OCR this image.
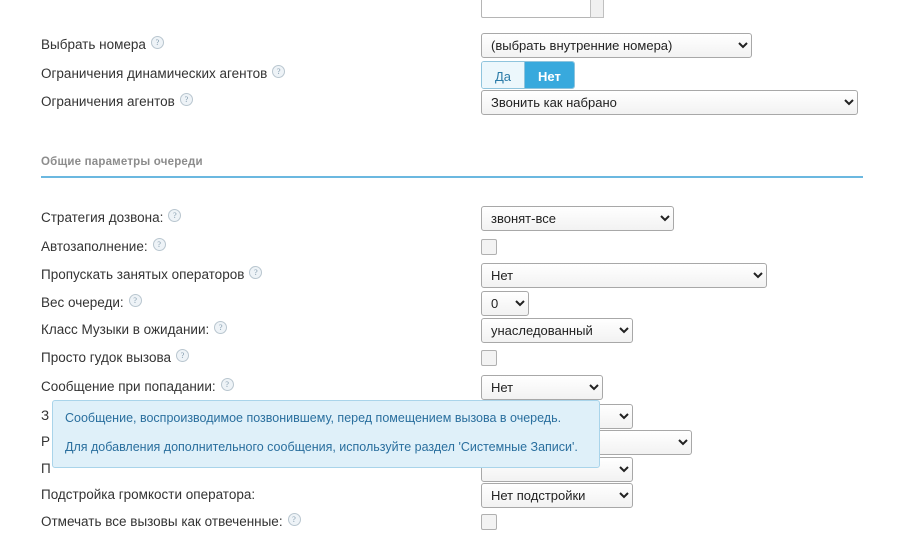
Выбрать номера ?
(выбрать внутренние номера)
Ограничения динамических агентов ?	Да	Нет
Ограничения агентов ?
Звонить как набрано
Общие параметры очереди
Стратегия дозвона: ?
звонят-все
Автозаполнение: ?
Пропускать занятых операторов ?
Нет
Вес очереди: ?
0
Класс Музыки в ожидании: ?
унаследованный
Просто гудок вызова ?
Сообщение при попадании: ?
Нет
З
Р
ждания
П
Подстройка громкости оператора:
Нет подстройки
Отмечать все вызовы как отвеченные: ?

Сообщение, воспроизводимое позвонившему, перед помещением вызова в очередь.

Для добавления дополнительного сообщения, используйте раздел 'Системные Записи'.
